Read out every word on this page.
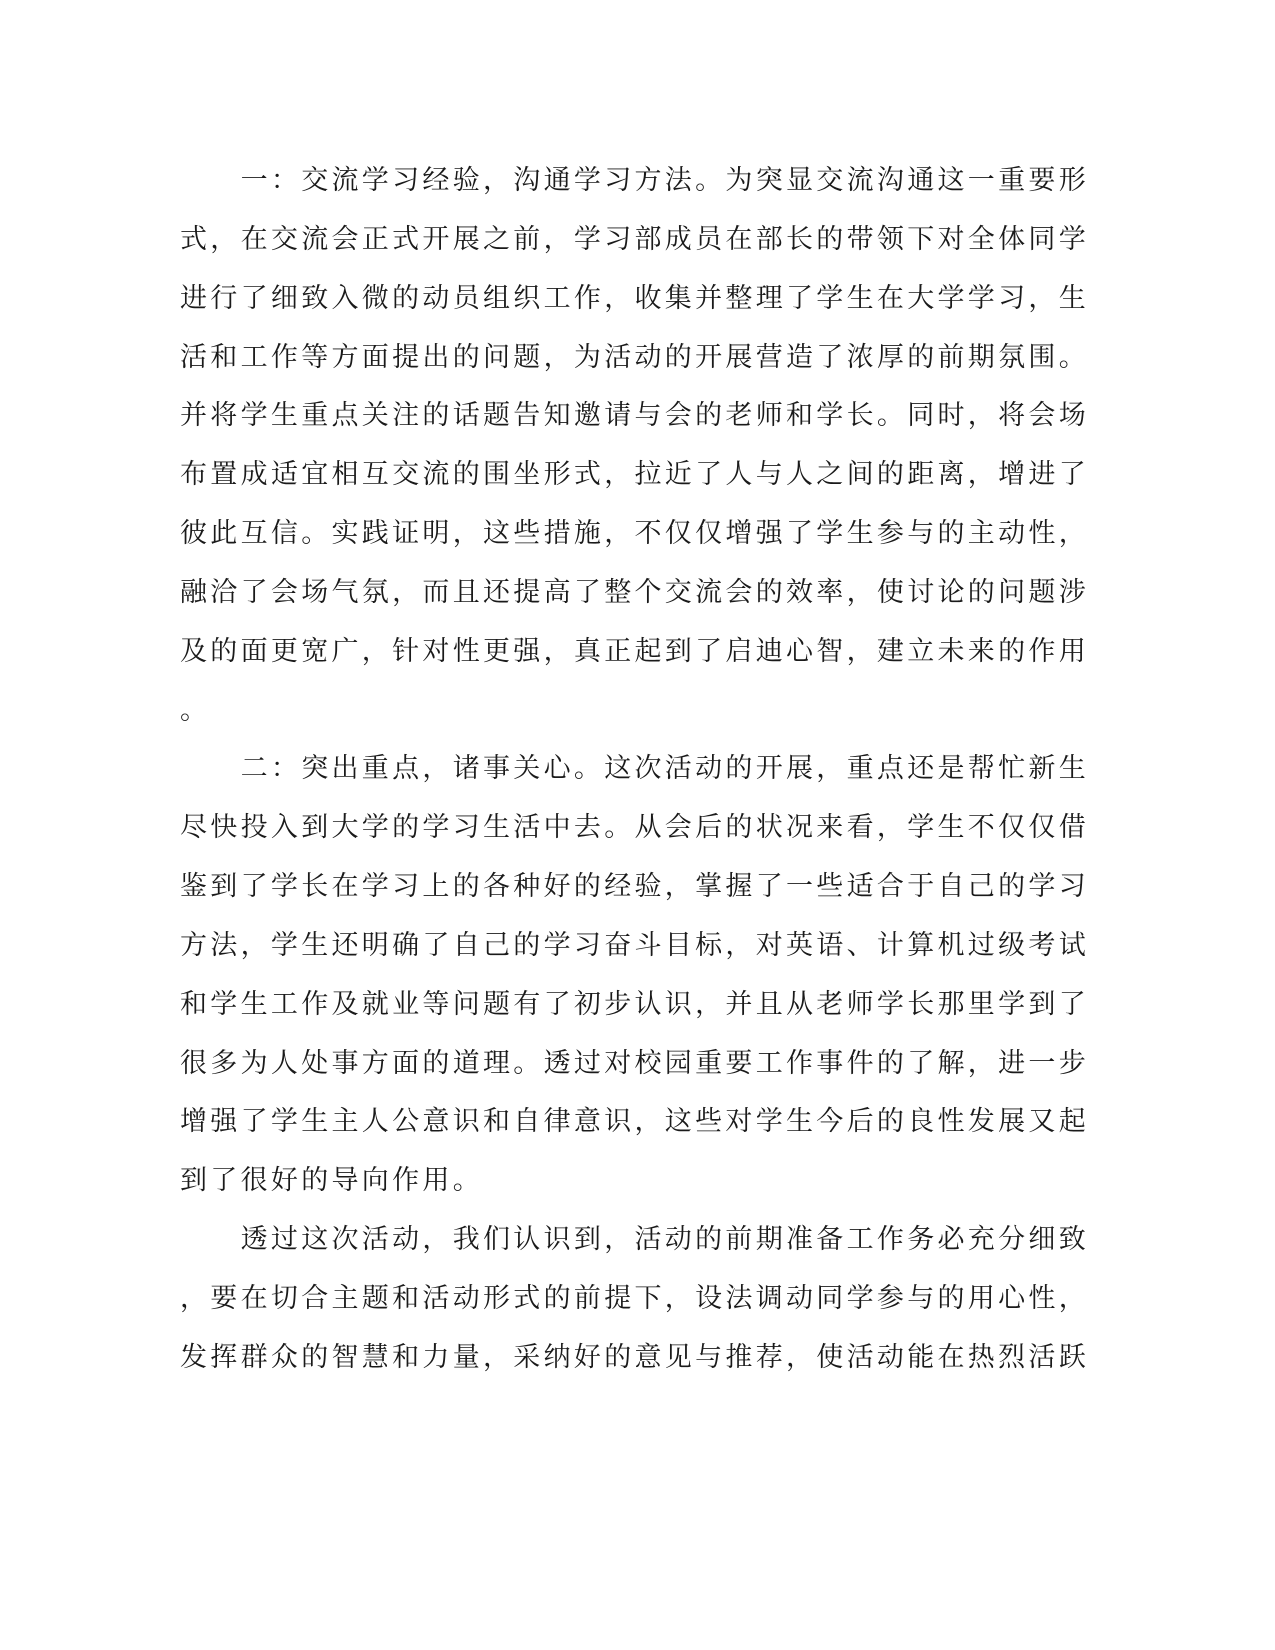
　　一：交流学习经验，沟通学习方法。为突显交流沟通这一重要形
式，在交流会正式开展之前，学习部成员在部长的带领下对全体同学
进行了细致入微的动员组织工作，收集并整理了学生在大学学习，生
活和工作等方面提出的问题，为活动的开展营造了浓厚的前期氛围。
并将学生重点关注的话题告知邀请与会的老师和学长。同时，将会场
布置成适宜相互交流的围坐形式，拉近了人与人之间的距离，增进了
彼此互信。实践证明，这些措施，不仅仅增强了学生参与的主动性，
融洽了会场气氛，而且还提高了整个交流会的效率，使讨论的问题涉
及的面更宽广，针对性更强，真正起到了启迪心智，建立未来的作用
。
　　二：突出重点，诸事关心。这次活动的开展，重点还是帮忙新生
尽快投入到大学的学习生活中去。从会后的状况来看，学生不仅仅借
鉴到了学长在学习上的各种好的经验，掌握了一些适合于自己的学习
方法，学生还明确了自己的学习奋斗目标，对英语、计算机过级考试
和学生工作及就业等问题有了初步认识，并且从老师学长那里学到了
很多为人处事方面的道理。透过对校园重要工作事件的了解，进一步
增强了学生主人公意识和自律意识，这些对学生今后的良性发展又起
到了很好的导向作用。
　　透过这次活动，我们认识到，活动的前期准备工作务必充分细致
，要在切合主题和活动形式的前提下，设法调动同学参与的用心性，
发挥群众的智慧和力量，采纳好的意见与推荐，使活动能在热烈活跃
